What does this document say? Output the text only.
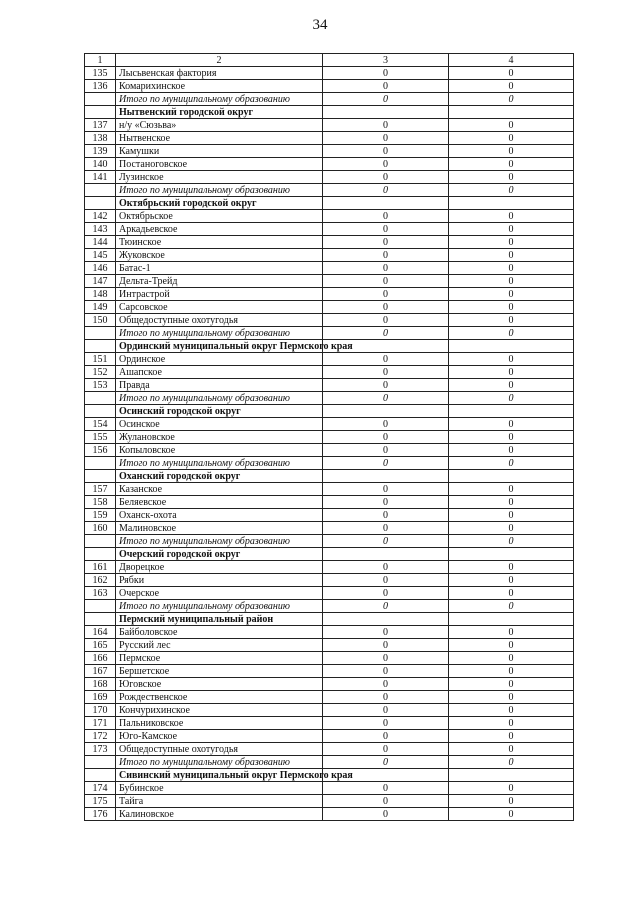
34
1	2	3	4
135	Лысьвенская фактория	0	0
136	Комарихинское	0	0
	Итого по муниципальному образованию	0	0
	Нытвенский городской округ		
137	н/у «Сюзьва»	0	0
138	Нытвенское	0	0
139	Камушки	0	0
140	Постаноговское	0	0
141	Лузинское	0	0
	Итого по муниципальному образованию	0	0
	Октябрьский городской округ		
142	Октябрьское	0	0
143	Аркадьевское	0	0
144	Тюинское	0	0
145	Жуковское	0	0
146	Батас-1	0	0
147	Дельта-Трейд	0	0
148	Интрастрой	0	0
149	Сарсовское	0	0
150	Общедоступные охотугодья	0	0
	Итого по муниципальному образованию	0	0
	Ординский муниципальный округ Пермского края		
151	Ординское	0	0
152	Ашапское	0	0
153	Правда	0	0
	Итого по муниципальному образованию	0	0
	Осинский городской округ		
154	Осинское	0	0
155	Жулановское	0	0
156	Копыловское	0	0
	Итого по муниципальному образованию	0	0
	Оханский городской округ		
157	Казанское	0	0
158	Беляевское	0	0
159	Оханск-охота	0	0
160	Малиновское	0	0
	Итого по муниципальному образованию	0	0
	Очерский городской округ		
161	Дворецкое	0	0
162	Рябки	0	0
163	Очерское	0	0
	Итого по муниципальному образованию	0	0
	Пермский муниципальный район		
164	Байболовское	0	0
165	Русский лес	0	0
166	Пермское	0	0
167	Бершетское	0	0
168	Юговское	0	0
169	Рождественское	0	0
170	Кончурихинское	0	0
171	Пальниковское	0	0
172	Юго-Камское	0	0
173	Общедоступные охотугодья	0	0
	Итого по муниципальному образованию	0	0
	Сивинский муниципальный округ Пермского края		
174	Бубинское	0	0
175	Тайга	0	0
176	Калиновское	0	0
